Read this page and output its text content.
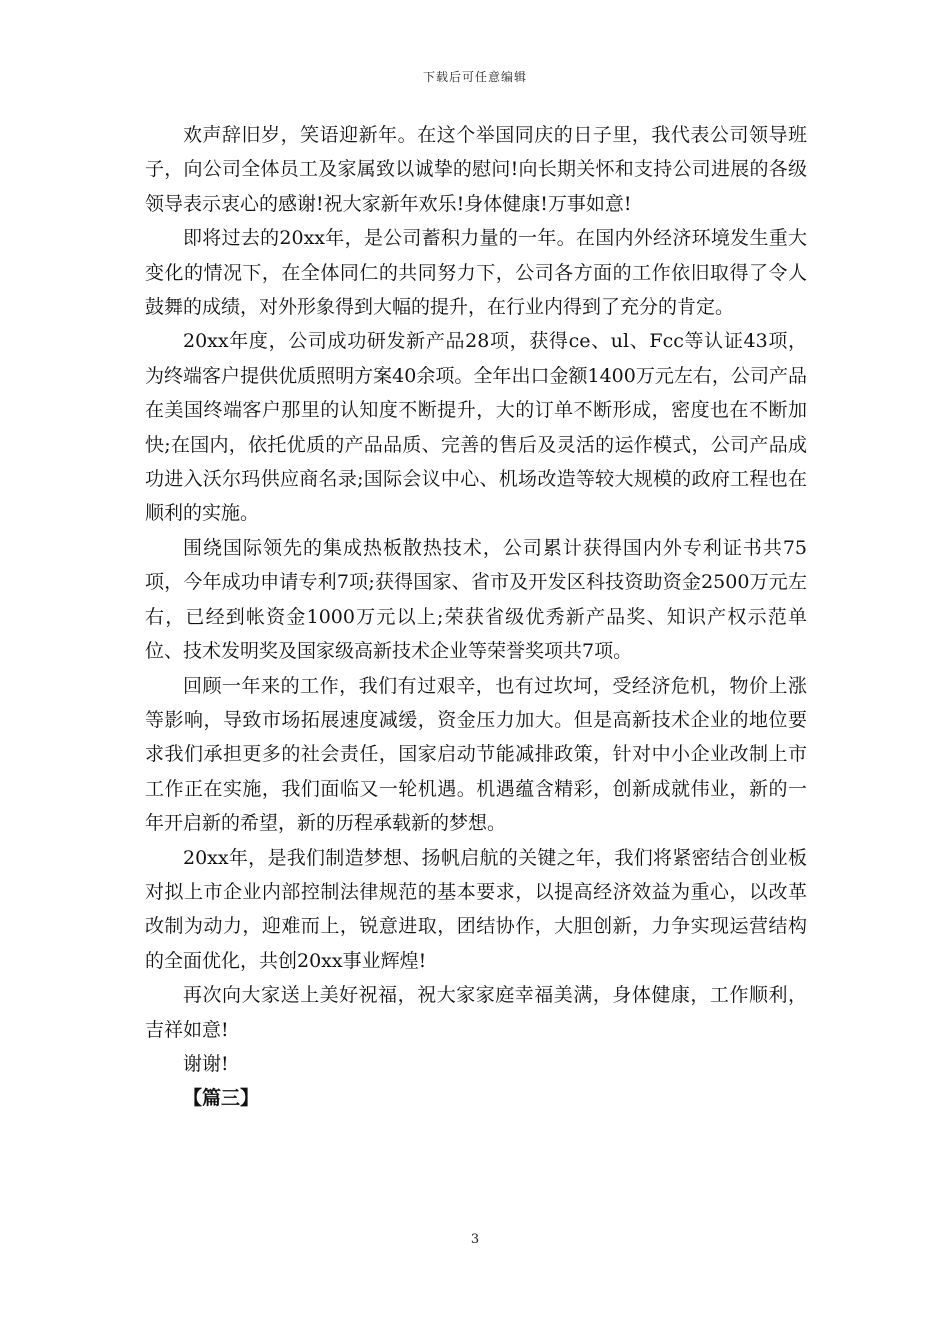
下载后可任意编辑

欢声辞旧岁，笑语迎新年。在这个举国同庆的日子里，我代表公司领导班子，向公司全体员工及家属致以诚挚的慰问!向长期关怀和支持公司进展的各级领导表示衷心的感谢!祝大家新年欢乐!身体健康!万事如意!

即将过去的20xx年，是公司蓄积力量的一年。在国内外经济环境发生重大变化的情况下，在全体同仁的共同努力下，公司各方面的工作依旧取得了令人鼓舞的成绩，对外形象得到大幅的提升，在行业内得到了充分的肯定。

20xx年度，公司成功研发新产品28项，获得ce、ul、Fcc等认证43项，为终端客户提供优质照明方案40余项。全年出口金额1400万元左右，公司产品在美国终端客户那里的认知度不断提升，大的订单不断形成，密度也在不断加快;在国内，依托优质的产品品质、完善的售后及灵活的运作模式，公司产品成功进入沃尔玛供应商名录;国际会议中心、机场改造等较大规模的政府工程也在顺利的实施。

围绕国际领先的集成热板散热技术，公司累计获得国内外专利证书共75项，今年成功申请专利7项;获得国家、省市及开发区科技资助资金2500万元左右，已经到帐资金1000万元以上;荣获省级优秀新产品奖、知识产权示范单位、技术发明奖及国家级高新技术企业等荣誉奖项共7项。

回顾一年来的工作，我们有过艰辛，也有过坎坷，受经济危机，物价上涨等影响，导致市场拓展速度减缓，资金压力加大。但是高新技术企业的地位要求我们承担更多的社会责任，国家启动节能减排政策，针对中小企业改制上市工作正在实施，我们面临又一轮机遇。机遇蕴含精彩，创新成就伟业，新的一年开启新的希望，新的历程承载新的梦想。

20xx年，是我们制造梦想、扬帆启航的关键之年，我们将紧密结合创业板对拟上市企业内部控制法律规范的基本要求，以提高经济效益为重心，以改革改制为动力，迎难而上，锐意进取，团结协作，大胆创新，力争实现运营结构的全面优化，共创20xx事业辉煌!

再次向大家送上美好祝福，祝大家家庭幸福美满，身体健康，工作顺利，吉祥如意!

谢谢!

【篇三】

3
